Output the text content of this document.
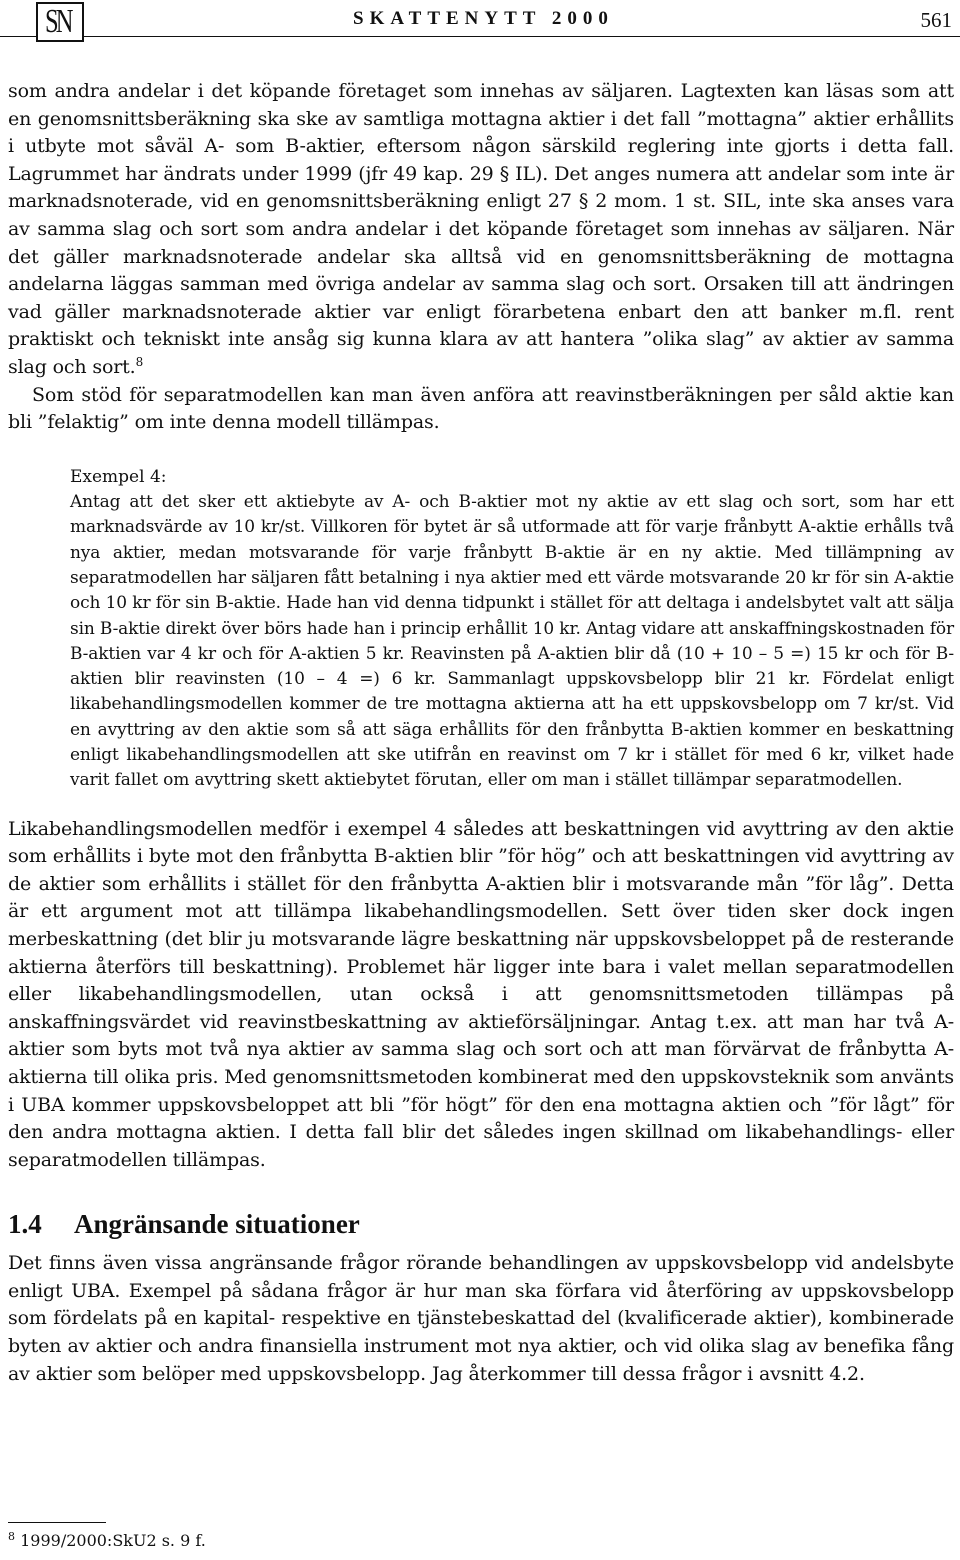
SN	SKATTENYTT 2000	561

som andra andelar i det köpande företaget som innehas av säljaren. Lagtexten kan läsas som att en genomsnittsberäkning ska ske av samtliga mottagna aktier i det fall ”mottagna” aktier erhållits i utbyte mot såväl A- som B-aktier, eftersom någon särskild reglering inte gjorts i detta fall. Lagrummet har ändrats under 1999 (jfr 49 kap. 29 § IL). Det anges numera att andelar som inte är marknadsnoterade, vid en genomsnittsberäkning enligt 27 § 2 mom. 1 st. SIL, inte ska anses vara av samma slag och sort som andra andelar i det köpande företaget som innehas av säljaren. När det gäller marknadsnoterade andelar ska alltså vid en genomsnittsberäkning de mottagna andelarna läggas samman med övriga andelar av samma slag och sort. Orsaken till att ändringen vad gäller marknadsnoterade aktier var enligt förarbetena enbart den att banker m.fl. rent praktiskt och tekniskt inte ansåg sig kunna klara av att hantera ”olika slag” av aktier av samma slag och sort.$^8$

Som stöd för separatmodellen kan man även anföra att reavinstberäkningen per såld aktie kan bli ”felaktig” om inte denna modell tillämpas.

Exempel 4:

Antag att det sker ett aktiebyte av A- och B-aktier mot ny aktie av ett slag och sort, som har ett marknadsvärde av 10 kr/st. Villkoren för bytet är så utformade att för varje frånbytt A-aktie erhålls två nya aktier, medan motsvarande för varje frånbytt B-aktie är en ny aktie. Med tillämpning av separatmodellen har säljaren fått betalning i nya aktier med ett värde motsvarande 20 kr för sin A-aktie och 10 kr för sin B-aktie. Hade han vid denna tidpunkt i stället för att deltaga i andelsbytet valt att sälja sin B-aktie direkt över börs hade han i princip erhållit 10 kr. Antag vidare att anskaffningskostnaden för B-aktien var 4 kr och för A-aktien 5 kr. Reavinsten på A-aktien blir då (10 + 10 – 5 =) 15 kr och för B-aktien blir reavinsten (10 – 4 =) 6 kr. Sammanlagt uppskovsbelopp blir 21 kr. Fördelat enligt likabehandlingsmodellen kommer de tre mottagna aktierna att ha ett uppskovsbelopp om 7 kr/st. Vid en avyttring av den aktie som så att säga erhållits för den frånbytta B-aktien kommer en beskattning enligt likabehandlingsmodellen att ske utifrån en reavinst om 7 kr i stället för med 6 kr, vilket hade varit fallet om avyttring skett aktiebytet förutan, eller om man i stället tillämpar separatmodellen.

Likabehandlingsmodellen medför i exempel 4 således att beskattningen vid avyttring av den aktie som erhållits i byte mot den frånbytta B-aktien blir ”för hög” och att beskattningen vid avyttring av de aktier som erhållits i stället för den frånbytta A-aktien blir i motsvarande mån ”för låg”. Detta är ett argument mot att tillämpa likabehandlingsmodellen. Sett över tiden sker dock ingen merbeskattning (det blir ju motsvarande lägre beskattning när uppskovsbeloppet på de resterande aktierna återförs till beskattning). Problemet här ligger inte bara i valet mellan separatmodellen eller likabehandlingsmodellen, utan också i att genomsnittsmetoden tillämpas på anskaffningsvärdet vid reavinstbeskattning av aktieförsäljningar. Antag t.ex. att man har två A-aktier som byts mot två nya aktier av samma slag och sort och att man förvärvat de frånbytta A-aktierna till olika pris. Med genomsnittsmetoden kombinerat med den uppskovsteknik som använts i UBA kommer uppskovsbeloppet att bli ”för högt” för den ena mottagna aktien och ”för lågt” för den andra mottagna aktien. I detta fall blir det således ingen skillnad om likabehandlings- eller separatmodellen tillämpas.

1.4 Angränsande situationer

Det finns även vissa angränsande frågor rörande behandlingen av uppskovsbelopp vid andelsbyte enligt UBA. Exempel på sådana frågor är hur man ska förfara vid återföring av uppskovsbelopp som fördelats på en kapital- respektive en tjänstebeskattad del (kvalificerade aktier), kombinerade byten av aktier och andra finansiella instrument mot nya aktier, och vid olika slag av benefika fång av aktier som belöper med uppskovsbelopp. Jag återkommer till dessa frågor i avsnitt 4.2.

$^8$ 1999/2000:SkU2 s. 9 f.
